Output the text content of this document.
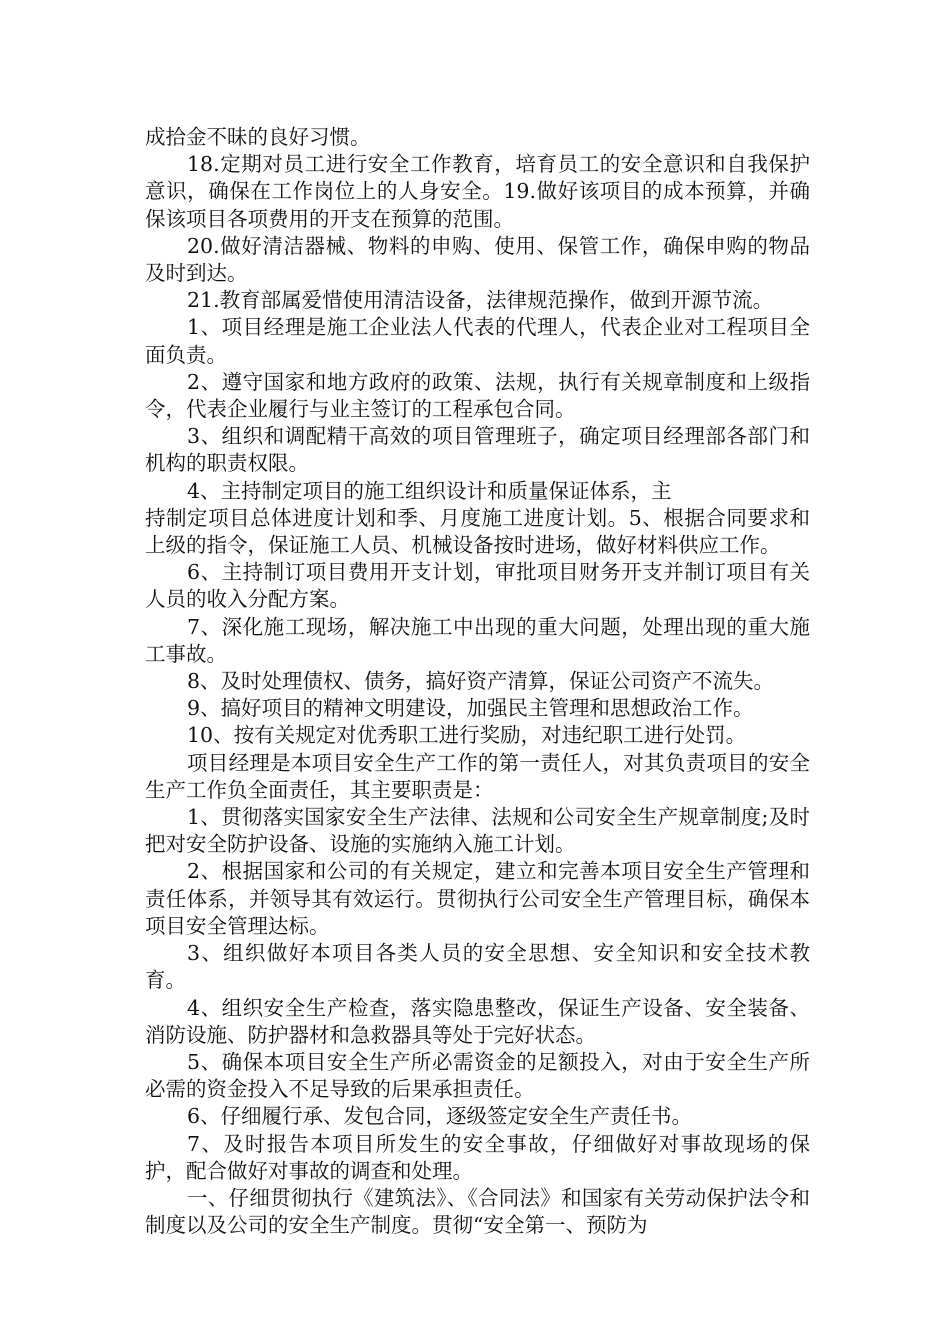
成拾金不昧的良好习惯。

18.定期对员工进行安全工作教育，培育员工的安全意识和自我保护意识，确保在工作岗位上的人身安全。19.做好该项目的成本预算，并确保该项目各项费用的开支在预算的范围。

20.做好清洁器械、物料的申购、使用、保管工作，确保申购的物品及时到达。

21.教育部属爱惜使用清洁设备，法律规范操作，做到开源节流。

1、项目经理是施工企业法人代表的代理人，代表企业对工程项目全面负责。

2、遵守国家和地方政府的政策、法规，执行有关规章制度和上级指令，代表企业履行与业主签订的工程承包合同。

3、组织和调配精干高效的项目管理班子，确定项目经理部各部门和机构的职责权限。

4、主持制定项目的施工组织设计和质量保证体系，主

持制定项目总体进度计划和季、月度施工进度计划。5、根据合同要求和上级的指令，保证施工人员、机械设备按时进场，做好材料供应工作。

6、主持制订项目费用开支计划，审批项目财务开支并制订项目有关人员的收入分配方案。

7、深化施工现场，解决施工中出现的重大问题，处理出现的重大施工事故。

8、及时处理债权、债务，搞好资产清算，保证公司资产不流失。

9、搞好项目的精神文明建设，加强民主管理和思想政治工作。

10、按有关规定对优秀职工进行奖励，对违纪职工进行处罚。

项目经理是本项目安全生产工作的第一责任人，对其负责项目的安全生产工作负全面责任，其主要职责是：

1、贯彻落实国家安全生产法律、法规和公司安全生产规章制度;及时把对安全防护设备、设施的实施纳入施工计划。

2、根据国家和公司的有关规定，建立和完善本项目安全生产管理和责任体系，并领导其有效运行。贯彻执行公司安全生产管理目标，确保本项目安全管理达标。

3、组织做好本项目各类人员的安全思想、安全知识和安全技术教育。

4、组织安全生产检查，落实隐患整改，保证生产设备、安全装备、消防设施、防护器材和急救器具等处于完好状态。

5、确保本项目安全生产所必需资金的足额投入，对由于安全生产所必需的资金投入不足导致的后果承担责任。

6、仔细履行承、发包合同，逐级签定安全生产责任书。

7、及时报告本项目所发生的安全事故，仔细做好对事故现场的保护，配合做好对事故的调查和处理。

一、仔细贯彻执行《建筑法》、《合同法》和国家有关劳动保护法令和制度以及公司的安全生产制度。贯彻“安全第一、预防为
